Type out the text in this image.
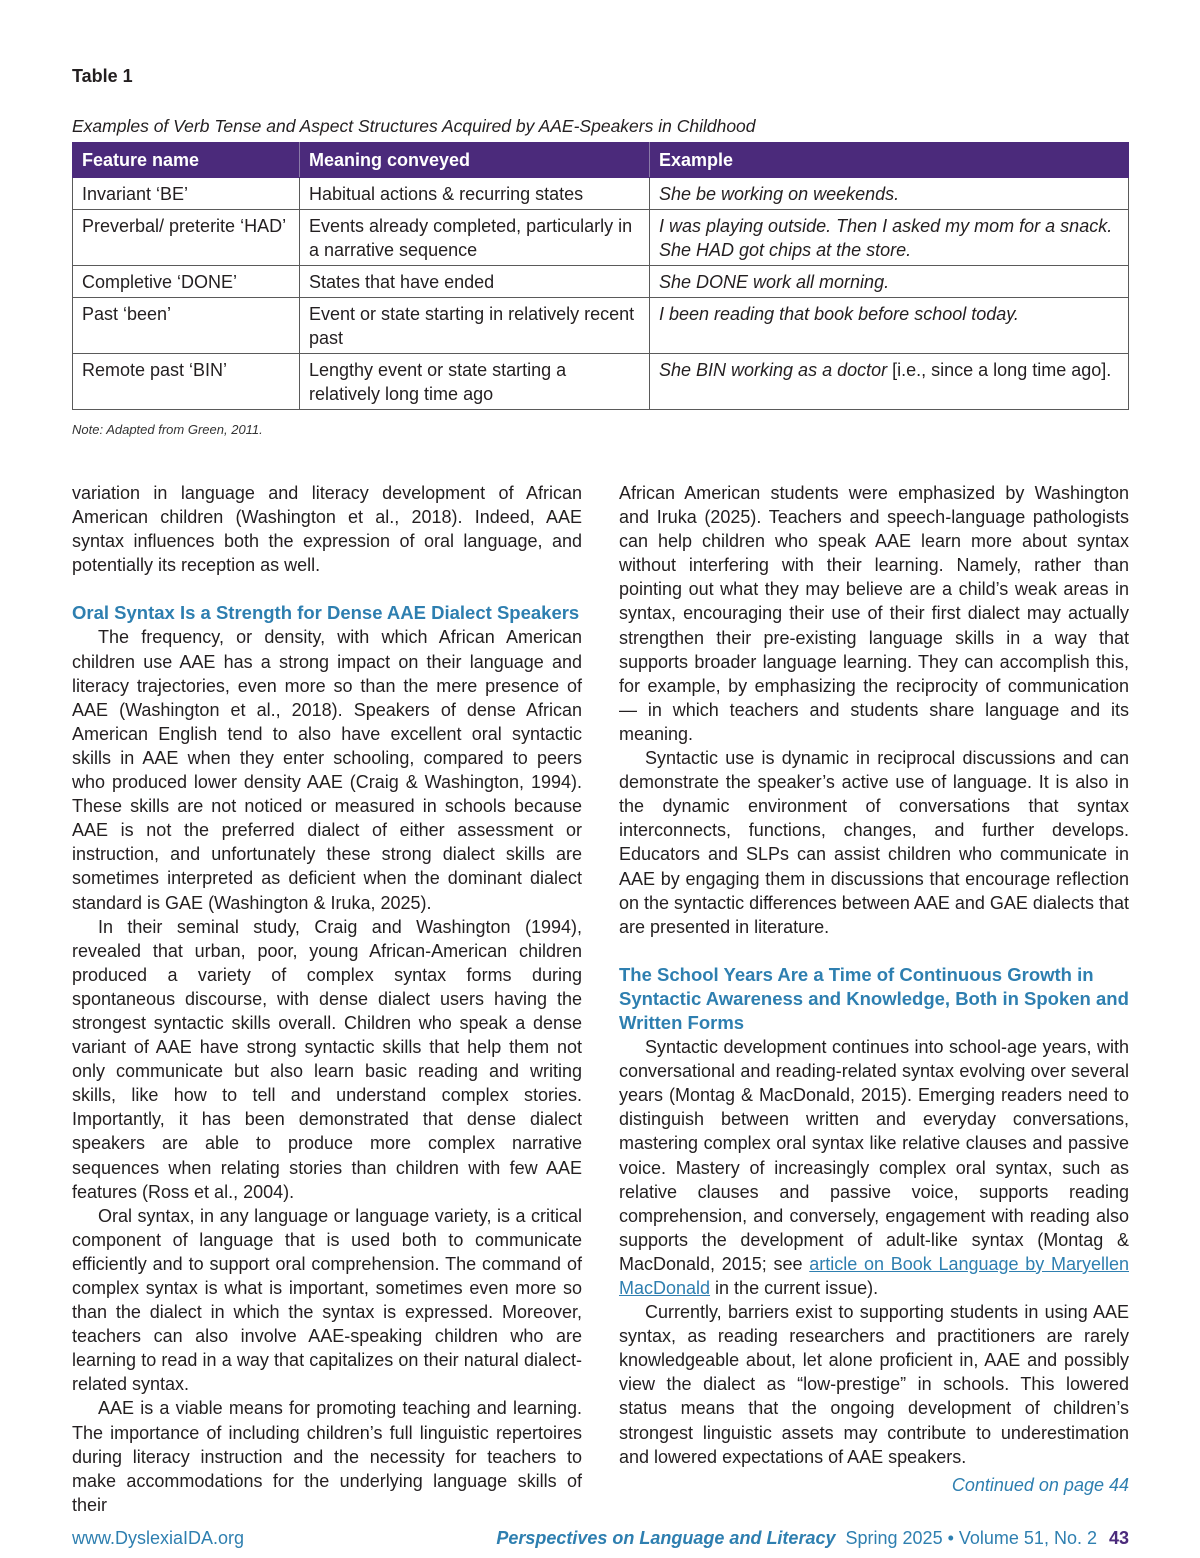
Table 1
Examples of Verb Tense and Aspect Structures Acquired by AAE-Speakers in Childhood
Feature name	Meaning conveyed	Example
Invariant ‘BE’	Habitual actions & recurring states	She be working on weekends.
Preverbal/ preterite ‘HAD’	Events already completed, particularly in a narrative sequence	I was playing outside. Then I asked my mom for a snack. She HAD got chips at the store.
Completive ‘DONE’	States that have ended	She DONE work all morning.
Past ‘been’	Event or state starting in relatively recent past	I been reading that book before school today.
Remote past ‘BIN’	Lengthy event or state starting a relatively long time ago	She BIN working as a doctor [i.e., since a long time ago].
Note: Adapted from Green, 2011.

variation in language and literacy development of African American children (Washington et al., 2018). Indeed, AAE syntax influences both the expression of oral language, and potentially its reception as well.

Oral Syntax Is a Strength for Dense AAE Dialect Speakers

The frequency, or density, with which African American children use AAE has a strong impact on their language and literacy trajectories, even more so than the mere presence of AAE (Washington et al., 2018). Speakers of dense African American English tend to also have excellent oral syntactic skills in AAE when they enter schooling, compared to peers who produced lower density AAE (Craig & Washington, 1994). These skills are not noticed or measured in schools because AAE is not the preferred dialect of either assessment or instruction, and unfortunately these strong dialect skills are sometimes interpreted as deficient when the dominant dialect standard is GAE (Washington & Iruka, 2025).

In their seminal study, Craig and Washington (1994), revealed that urban, poor, young African-American children produced a variety of complex syntax forms during spontaneous discourse, with dense dialect users having the strongest syntactic skills overall. Children who speak a dense variant of AAE have strong syntactic skills that help them not only communicate but also learn basic reading and writing skills, like how to tell and understand complex stories. Importantly, it has been demonstrated that dense dialect speakers are able to produce more complex narrative sequences when relating stories than children with few AAE features (Ross et al., 2004).

Oral syntax, in any language or language variety, is a critical component of language that is used both to communicate efficiently and to support oral comprehension. The command of complex syntax is what is important, sometimes even more so than the dialect in which the syntax is expressed. Moreover, teachers can also involve AAE-speaking children who are learning to read in a way that capitalizes on their natural dialect-related syntax.

AAE is a viable means for promoting teaching and learning. The importance of including children’s full linguistic repertoires during literacy instruction and the necessity for teachers to make accommodations for the underlying language skills of their

African American students were emphasized by Washington and Iruka (2025). Teachers and speech-language pathologists can help children who speak AAE learn more about syntax without interfering with their learning. Namely, rather than pointing out what they may believe are a child’s weak areas in syntax, encouraging their use of their first dialect may actually strengthen their pre-existing language skills in a way that supports broader language learning. They can accomplish this, for example, by emphasizing the reciprocity of communication — in which teachers and students share language and its meaning.

Syntactic use is dynamic in reciprocal discussions and can demonstrate the speaker’s active use of language. It is also in the dynamic environment of conversations that syntax interconnects, functions, changes, and further develops. Educators and SLPs can assist children who communicate in AAE by engaging them in discussions that encourage reflection on the syntactic differences between AAE and GAE dialects that are presented in literature.

The School Years Are a Time of Continuous Growth in Syntactic Awareness and Knowledge, Both in Spoken and Written Forms

Syntactic development continues into school-age years, with conversational and reading-related syntax evolving over several years (Montag & MacDonald, 2015). Emerging readers need to distinguish between written and everyday conversations, mastering complex oral syntax like relative clauses and passive voice. Mastery of increasingly complex oral syntax, such as relative clauses and passive voice, supports reading comprehension, and conversely, engagement with reading also supports the development of adult-like syntax (Montag & MacDonald, 2015; see article on Book Language by Maryellen MacDonald in the current issue).

Currently, barriers exist to supporting students in using AAE syntax, as reading researchers and practitioners are rarely knowledgeable about, let alone proficient in, AAE and possibly view the dialect as “low-prestige” in schools. This lowered status means that the ongoing development of children’s strongest linguistic assets may contribute to underestimation and lowered expectations of AAE speakers.

Continued on page 44
www.DyslexiaIDA.org	Perspectives on Language and Literacy Spring 2025 • Volume 51, No. 2 43
